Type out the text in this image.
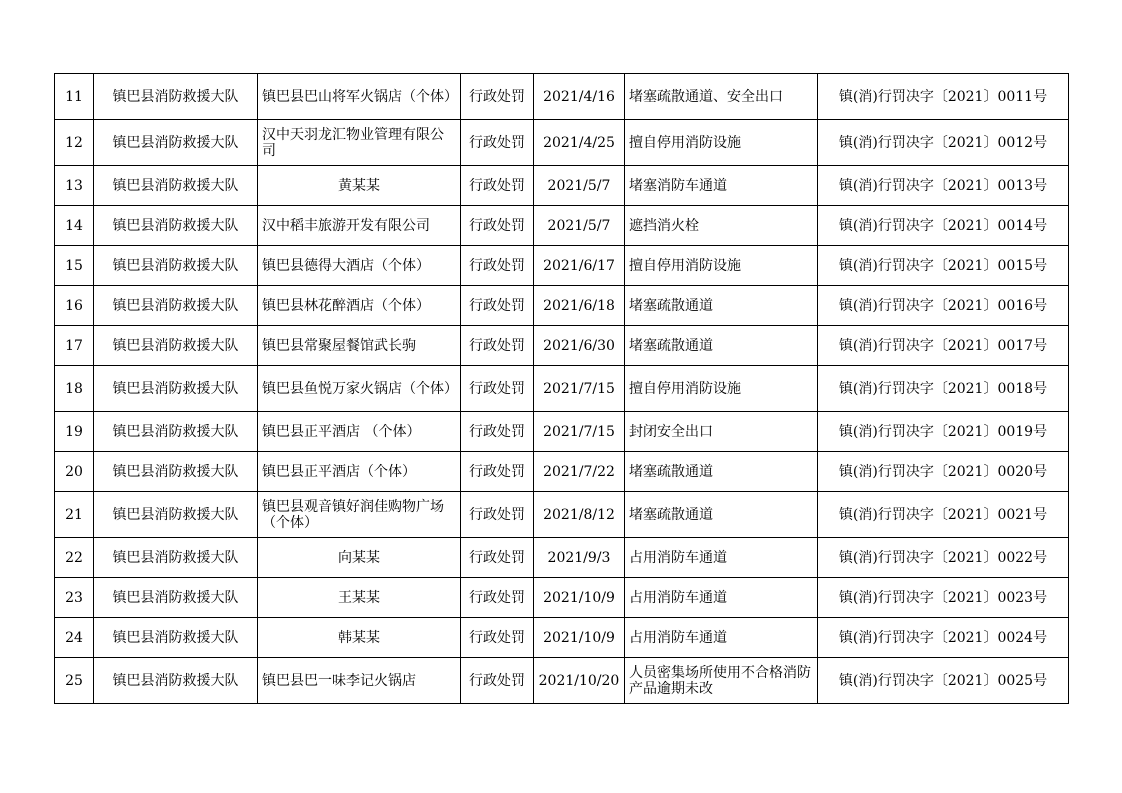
11	镇巴县消防救援大队	镇巴县巴山将军火锅店（个体）	行政处罚	2021/4/16	堵塞疏散通道、安全出口	镇(消)行罚决字〔2021〕0011号
12	镇巴县消防救援大队	汉中天羽龙汇物业管理有限公司	行政处罚	2021/4/25	擅自停用消防设施	镇(消)行罚决字〔2021〕0012号
13	镇巴县消防救援大队	黄某某	行政处罚	2021/5/7	堵塞消防车通道	镇(消)行罚决字〔2021〕0013号
14	镇巴县消防救援大队	汉中稻丰旅游开发有限公司	行政处罚	2021/5/7	遮挡消火栓	镇(消)行罚决字〔2021〕0014号
15	镇巴县消防救援大队	镇巴县德得大酒店（个体）	行政处罚	2021/6/17	擅自停用消防设施	镇(消)行罚决字〔2021〕0015号
16	镇巴县消防救援大队	镇巴县林花醉酒店（个体）	行政处罚	2021/6/18	堵塞疏散通道	镇(消)行罚决字〔2021〕0016号
17	镇巴县消防救援大队	镇巴县常聚屋餐馆武长驹	行政处罚	2021/6/30	堵塞疏散通道	镇(消)行罚决字〔2021〕0017号
18	镇巴县消防救援大队	镇巴县鱼悦万家火锅店（个体）	行政处罚	2021/7/15	擅自停用消防设施	镇(消)行罚决字〔2021〕0018号
19	镇巴县消防救援大队	镇巴县正平酒店 （个体）	行政处罚	2021/7/15	封闭安全出口	镇(消)行罚决字〔2021〕0019号
20	镇巴县消防救援大队	镇巴县正平酒店（个体）	行政处罚	2021/7/22	堵塞疏散通道	镇(消)行罚决字〔2021〕0020号
21	镇巴县消防救援大队	镇巴县观音镇好润佳购物广场（个体）	行政处罚	2021/8/12	堵塞疏散通道	镇(消)行罚决字〔2021〕0021号
22	镇巴县消防救援大队	向某某	行政处罚	2021/9/3	占用消防车通道	镇(消)行罚决字〔2021〕0022号
23	镇巴县消防救援大队	王某某	行政处罚	2021/10/9	占用消防车通道	镇(消)行罚决字〔2021〕0023号
24	镇巴县消防救援大队	韩某某	行政处罚	2021/10/9	占用消防车通道	镇(消)行罚决字〔2021〕0024号
25	镇巴县消防救援大队	镇巴县巴一味李记火锅店	行政处罚	2021/10/20	人员密集场所使用不合格消防产品逾期未改	镇(消)行罚决字〔2021〕0025号
